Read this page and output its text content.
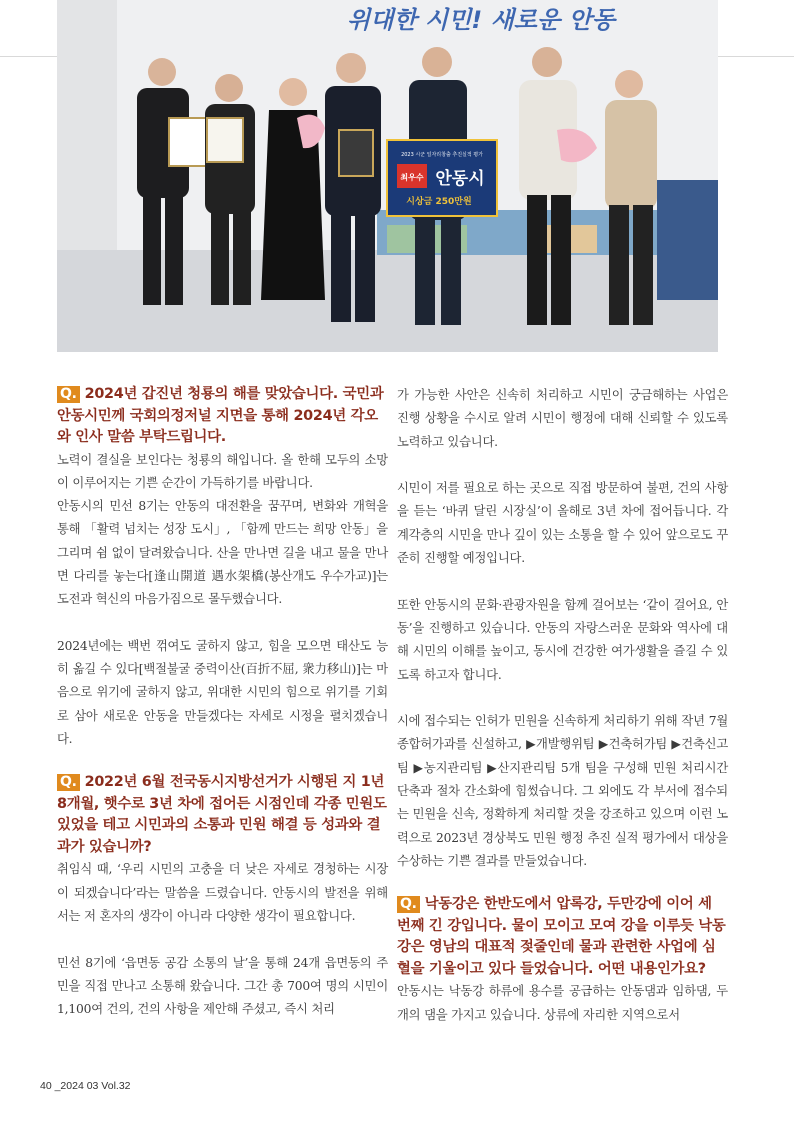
위대한 시민! 새로운 안동
2023 시군 일자리창출 추진실적 평가
최우수 안동시
시상금 250만원

Q. 2024년 갑진년 청룡의 해를 맞았습니다. 국민과 안동시민께 국회의정저널 지면을 통해 2024년 각오와 인사 말씀 부탁드립니다.

노력이 결실을 보인다는 청룡의 해입니다. 올 한해 모두의 소망이 이루어지는 기쁜 순간이 가득하기를 바랍니다.

안동시의 민선 8기는 안동의 대전환을 꿈꾸며, 변화와 개혁을 통해 「활력 넘치는 성장 도시」, 「함께 만드는 희망 안동」을 그리며 쉼 없이 달려왔습니다. 산을 만나면 길을 내고 물을 만나면 다리를 놓는다[逢山開道 遇水架橋(봉산개도 우수가교)]는 도전과 혁신의 마음가짐으로 몰두했습니다.

2024년에는 백번 꺾여도 굴하지 않고, 힘을 모으면 태산도 능히 옮길 수 있다[백절불굴 중력이산(百折不屈, 衆力移山)]는 마음으로 위기에 굴하지 않고, 위대한 시민의 힘으로 위기를 기회로 삼아 새로운 안동을 만들겠다는 자세로 시정을 펼치겠습니다.

Q. 2022년 6월 전국동시지방선거가 시행된 지 1년 8개월, 햇수로 3년 차에 접어든 시점인데 각종 민원도 있었을 테고 시민과의 소통과 민원 해결 등 성과와 결과가 있습니까?

취임식 때, ‘우리 시민의 고충을 더 낮은 자세로 경청하는 시장이 되겠습니다’라는 말씀을 드렸습니다. 안동시의 발전을 위해서는 저 혼자의 생각이 아니라 다양한 생각이 필요합니다.

민선 8기에 ‘읍면동 공감 소통의 날’을 통해 24개 읍면동의 주민을 직접 만나고 소통해 왔습니다. 그간 총 700여 명의 시민이 1,100여 건의, 건의 사항을 제안해 주셨고, 즉시 처리

가 가능한 사안은 신속히 처리하고 시민이 궁금해하는 사업은 진행 상황을 수시로 알려 시민이 행정에 대해 신뢰할 수 있도록 노력하고 있습니다.

시민이 저를 필요로 하는 곳으로 직접 방문하여 불편, 건의 사항을 듣는 ‘바퀴 달린 시장실’이 올해로 3년 차에 접어듭니다. 각계각층의 시민을 만나 깊이 있는 소통을 할 수 있어 앞으로도 꾸준히 진행할 예정입니다.

또한 안동시의 문화·관광자원을 함께 걸어보는 ‘같이 걸어요, 안동’을 진행하고 있습니다. 안동의 자랑스러운 문화와 역사에 대해 시민의 이해를 높이고, 동시에 건강한 여가생활을 즐길 수 있도록 하고자 합니다.

시에 접수되는 인허가 민원을 신속하게 처리하기 위해 작년 7월 종합허가과를 신설하고, ▶개발행위팀 ▶건축허가팀 ▶건축신고팀 ▶농지관리팀 ▶산지관리팀 5개 팀을 구성해 민원 처리시간 단축과 절차 간소화에 힘썼습니다. 그 외에도 각 부서에 접수되는 민원을 신속, 정확하게 처리할 것을 강조하고 있으며 이런 노력으로 2023년 경상북도 민원 행정 추진 실적 평가에서 대상을 수상하는 기쁜 결과를 만들었습니다.

Q. 낙동강은 한반도에서 압록강, 두만강에 이어 세 번째 긴 강입니다. 물이 모이고 모여 강을 이루듯 낙동강은 영남의 대표적 젖줄인데 물과 관련한 사업에 심혈을 기울이고 있다 들었습니다. 어떤 내용인가요?

안동시는 낙동강 하류에 용수를 공급하는 안동댐과 임하댐, 두 개의 댐을 가지고 있습니다. 상류에 자리한 지역으로서

40 _2024 03 Vol.32
